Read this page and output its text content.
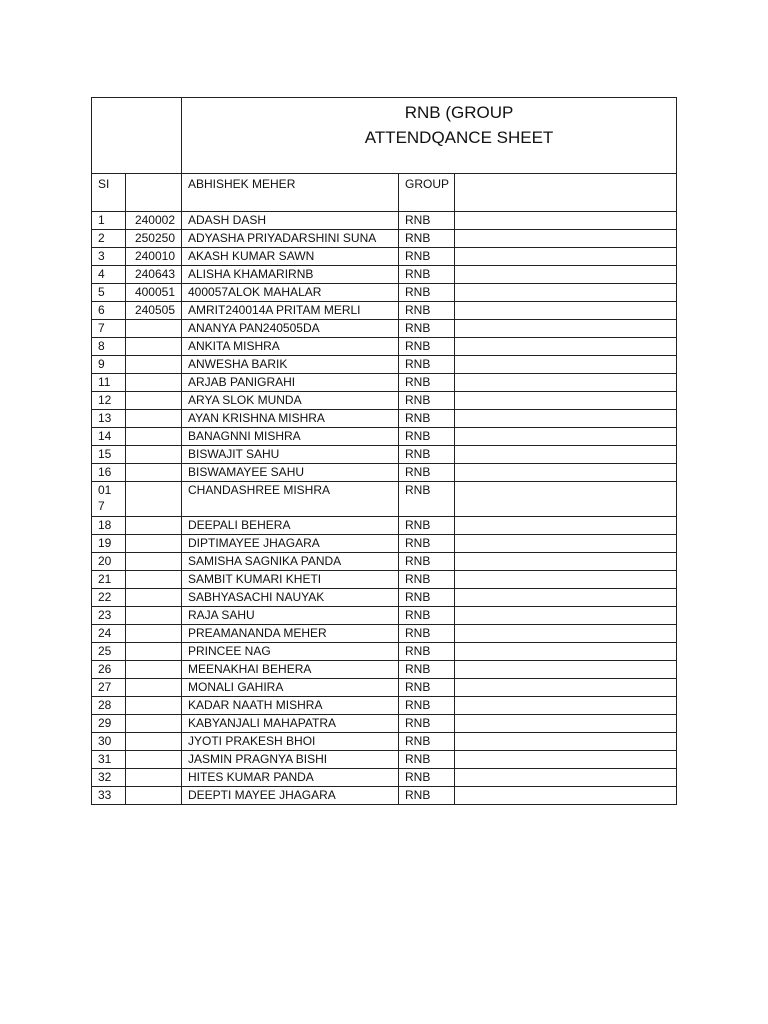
		RNB (GROUP
ATTENDQANCE SHEET		

SI		ABHISHEK MEHER	GROUP	
1	240002	ADASH DASH	RNB	
2	250250	ADYASHA PRIYADARSHINI SUNA	RNB	
3	240010	AKASH KUMAR SAWN	RNB	
4	240643	ALISHA KHAMARIRNB	RNB	
5	400051	400057ALOK MAHALAR	RNB	
6	240505	AMRIT240014A PRITAM MERLI	RNB	
7		ANANYA PAN240505DA	RNB	
8		ANKITA MISHRA	RNB	
9		ANWESHA BARIK	RNB	
11		ARJAB PANIGRAHI	RNB	
12		ARYA SLOK MUNDA	RNB	
13		AYAN KRISHNA MISHRA	RNB	
14		BANAGNNI MISHRA	RNB	
15		BISWAJIT SAHU	RNB	
16		BISWAMAYEE SAHU	RNB	
01 7		CHANDASHREE MISHRA	RNB	
18		DEEPALI BEHERA	RNB	
19		DIPTIMAYEE JHAGARA	RNB	
20		SAMISHA SAGNIKA PANDA	RNB	
21		SAMBIT KUMARI KHETI	RNB	
22		SABHYASACHI NAUYAK	RNB	
23		RAJA SAHU	RNB	
24		PREAMANANDA MEHER	RNB	
25		PRINCEE NAG	RNB	
26		MEENAKHAI BEHERA	RNB	
27		MONALI GAHIRA	RNB	
28		KADAR NAATH MISHRA	RNB	
29		KABYANJALI MAHAPATRA	RNB	
30		JYOTI PRAKESH BHOI	RNB	
31		JASMIN PRAGNYA BISHI	RNB	
32		HITES KUMAR PANDA	RNB	
33		DEEPTI MAYEE JHAGARA	RNB	
